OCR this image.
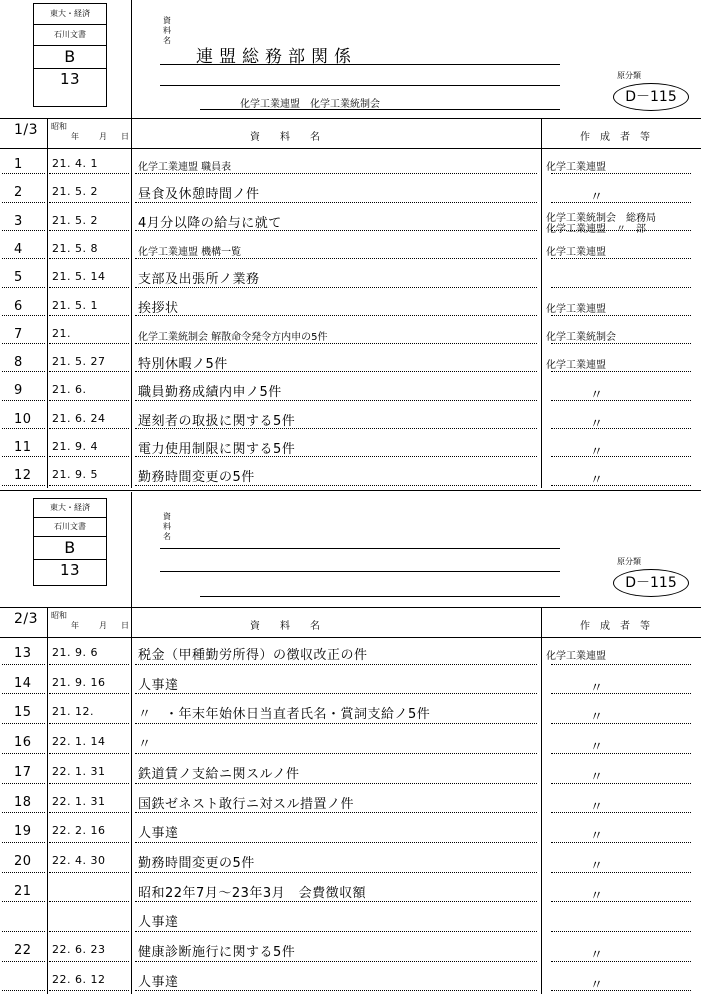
東大・経済
石川文書
B
13
資
料
名
連盟総務部関係
化学工業連盟　化学工業統制会
原分類
D－115
1/3 昭和
年	月 日	資　　料　　名	作　成　者　等
1	21. 4. 1	化学工業連盟 職員表	化学工業連盟
2	21. 5. 2	昼食及休憩時間ノ件	〃
3	21. 5. 2	4月分以降の給与に就て	化学工業統制会　総務局
化学工業連盟　〃　部
4	21. 5. 8	化学工業連盟 機構一覧	化学工業連盟
5	21. 5. 14	支部及出張所ノ業務
6	21. 5. 1	挨拶状	化学工業連盟
7	21.	化学工業統制会 解散命令発令方内申の5件	化学工業統制会
8	21. 5. 27	特別休暇ノ5件	化学工業連盟
9	21. 6.	職員勤務成績内申ノ5件	〃
10 21. 6. 24	遅刻者の取扱に関する5件	〃
11 21. 9. 4	電力使用制限に関する5件	〃
12 21. 9. 5	勤務時間変更の5件	〃
東大・経済
石川文書
B
13
資
料
名
原分類
D－115
2/3 昭和
年	月 日	資　　料　　名	作　成　者　等
13 21. 9. 6	税金（甲種勤労所得）の徴収改正の件	化学工業連盟
14 21. 9. 16	人事達	〃
15 21. 12.	〃　・年末年始休日当直者氏名・賞詞支給ノ5件	〃
16 22. 1. 14	〃	〃
17 22. 1. 31	鉄道賃ノ支給ニ関スルノ件	〃
18 22. 1. 31	国鉄ゼネスト敢行ニ対スル措置ノ件	〃
19 22. 2. 16	人事達	〃
20 22. 4. 30	勤務時間変更の5件	〃
21	昭和22年7月〜23年3月　会費徴収額	〃
人事達
22 22. 6. 23	健康診断施行に関する5件	〃
22. 6. 12	人事達	〃
